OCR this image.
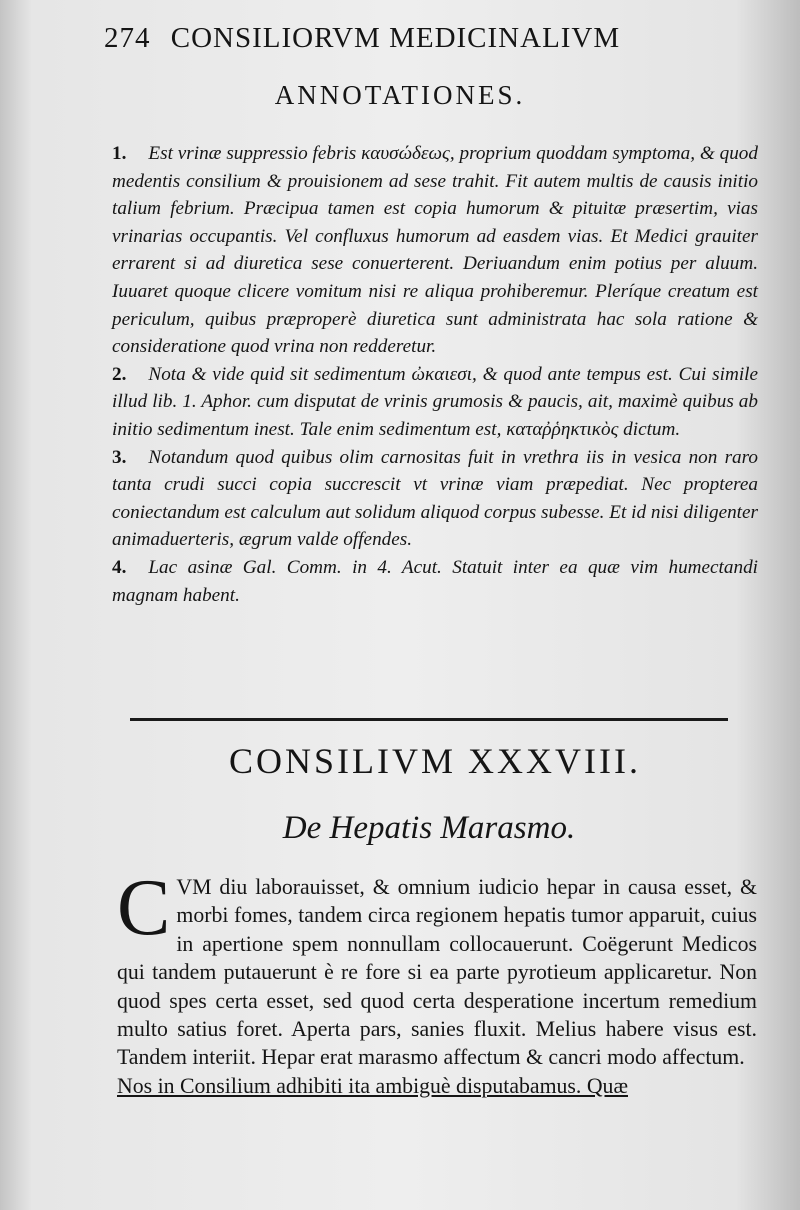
274 CONSILIORVM MEDICINALIVM
ANNOTATIONES.

1. Est vrinæ suppressio febris καυσώδεως, proprium quoddam symptoma, & quod medentis consilium & prouisionem ad sese trahit. Fit autem multis de causis initio talium febrium. Præcipua tamen est copia humorum & pituitæ præsertim, vias vrinarias occupantis. Vel confluxus humorum ad easdem vias. Et Medici grauiter errarent si ad diuretica sese conuerterent. Deriuandum enim potius per aluum. Iuuaret quoque clicere vomitum nisi re aliqua prohiberemur. Pleríque creatum est periculum, quibus præproperè diuretica sunt administrata hac sola ratione & consideratione quod vrina non redderetur.

2. Nota & vide quid sit sedimentum ὠκαιεσι, & quod ante tempus est. Cui simile illud lib. 1. Aphor. cum disputat de vrinis grumosis & paucis, ait, maximè quibus ab initio sedimentum inest. Tale enim sedimentum est, καταῤῥηκτικὸς dictum.

3. Notandum quod quibus olim carnositas fuit in vrethra iis in vesica non raro tanta crudi succi copia succrescit vt vrinæ viam præpediat. Nec propterea coniectandum est calculum aut solidum aliquod corpus subesse. Et id nisi diligenter animaduerteris, ægrum valde offendes.

4. Lac asinæ Gal. Comm. in 4. Acut. Statuit inter ea quæ vim humectandi magnam habent.

CONSILIVM XXXVIII.
De Hepatis Marasmo.
CVM diu laborauisset, & omnium iudicio hepar in causa esset, & morbi fomes, tandem circa regionem hepatis tumor apparuit, cuius in apertione spem nonnullam collocauerunt. Coëgerunt Medicos qui tandem putauerunt è re fore si ea parte pyrotieum applicaretur. Non quod spes certa esset, sed quod certa desperatione incertum remedium multo satius foret. Aperta pars, sanies fluxit. Melius habere visus est. Tandem interiit. Hepar erat marasmo affectum & cancri modo affectum.
Nos in Consilium adhibiti ita ambiguè disputabamus. Quæ
